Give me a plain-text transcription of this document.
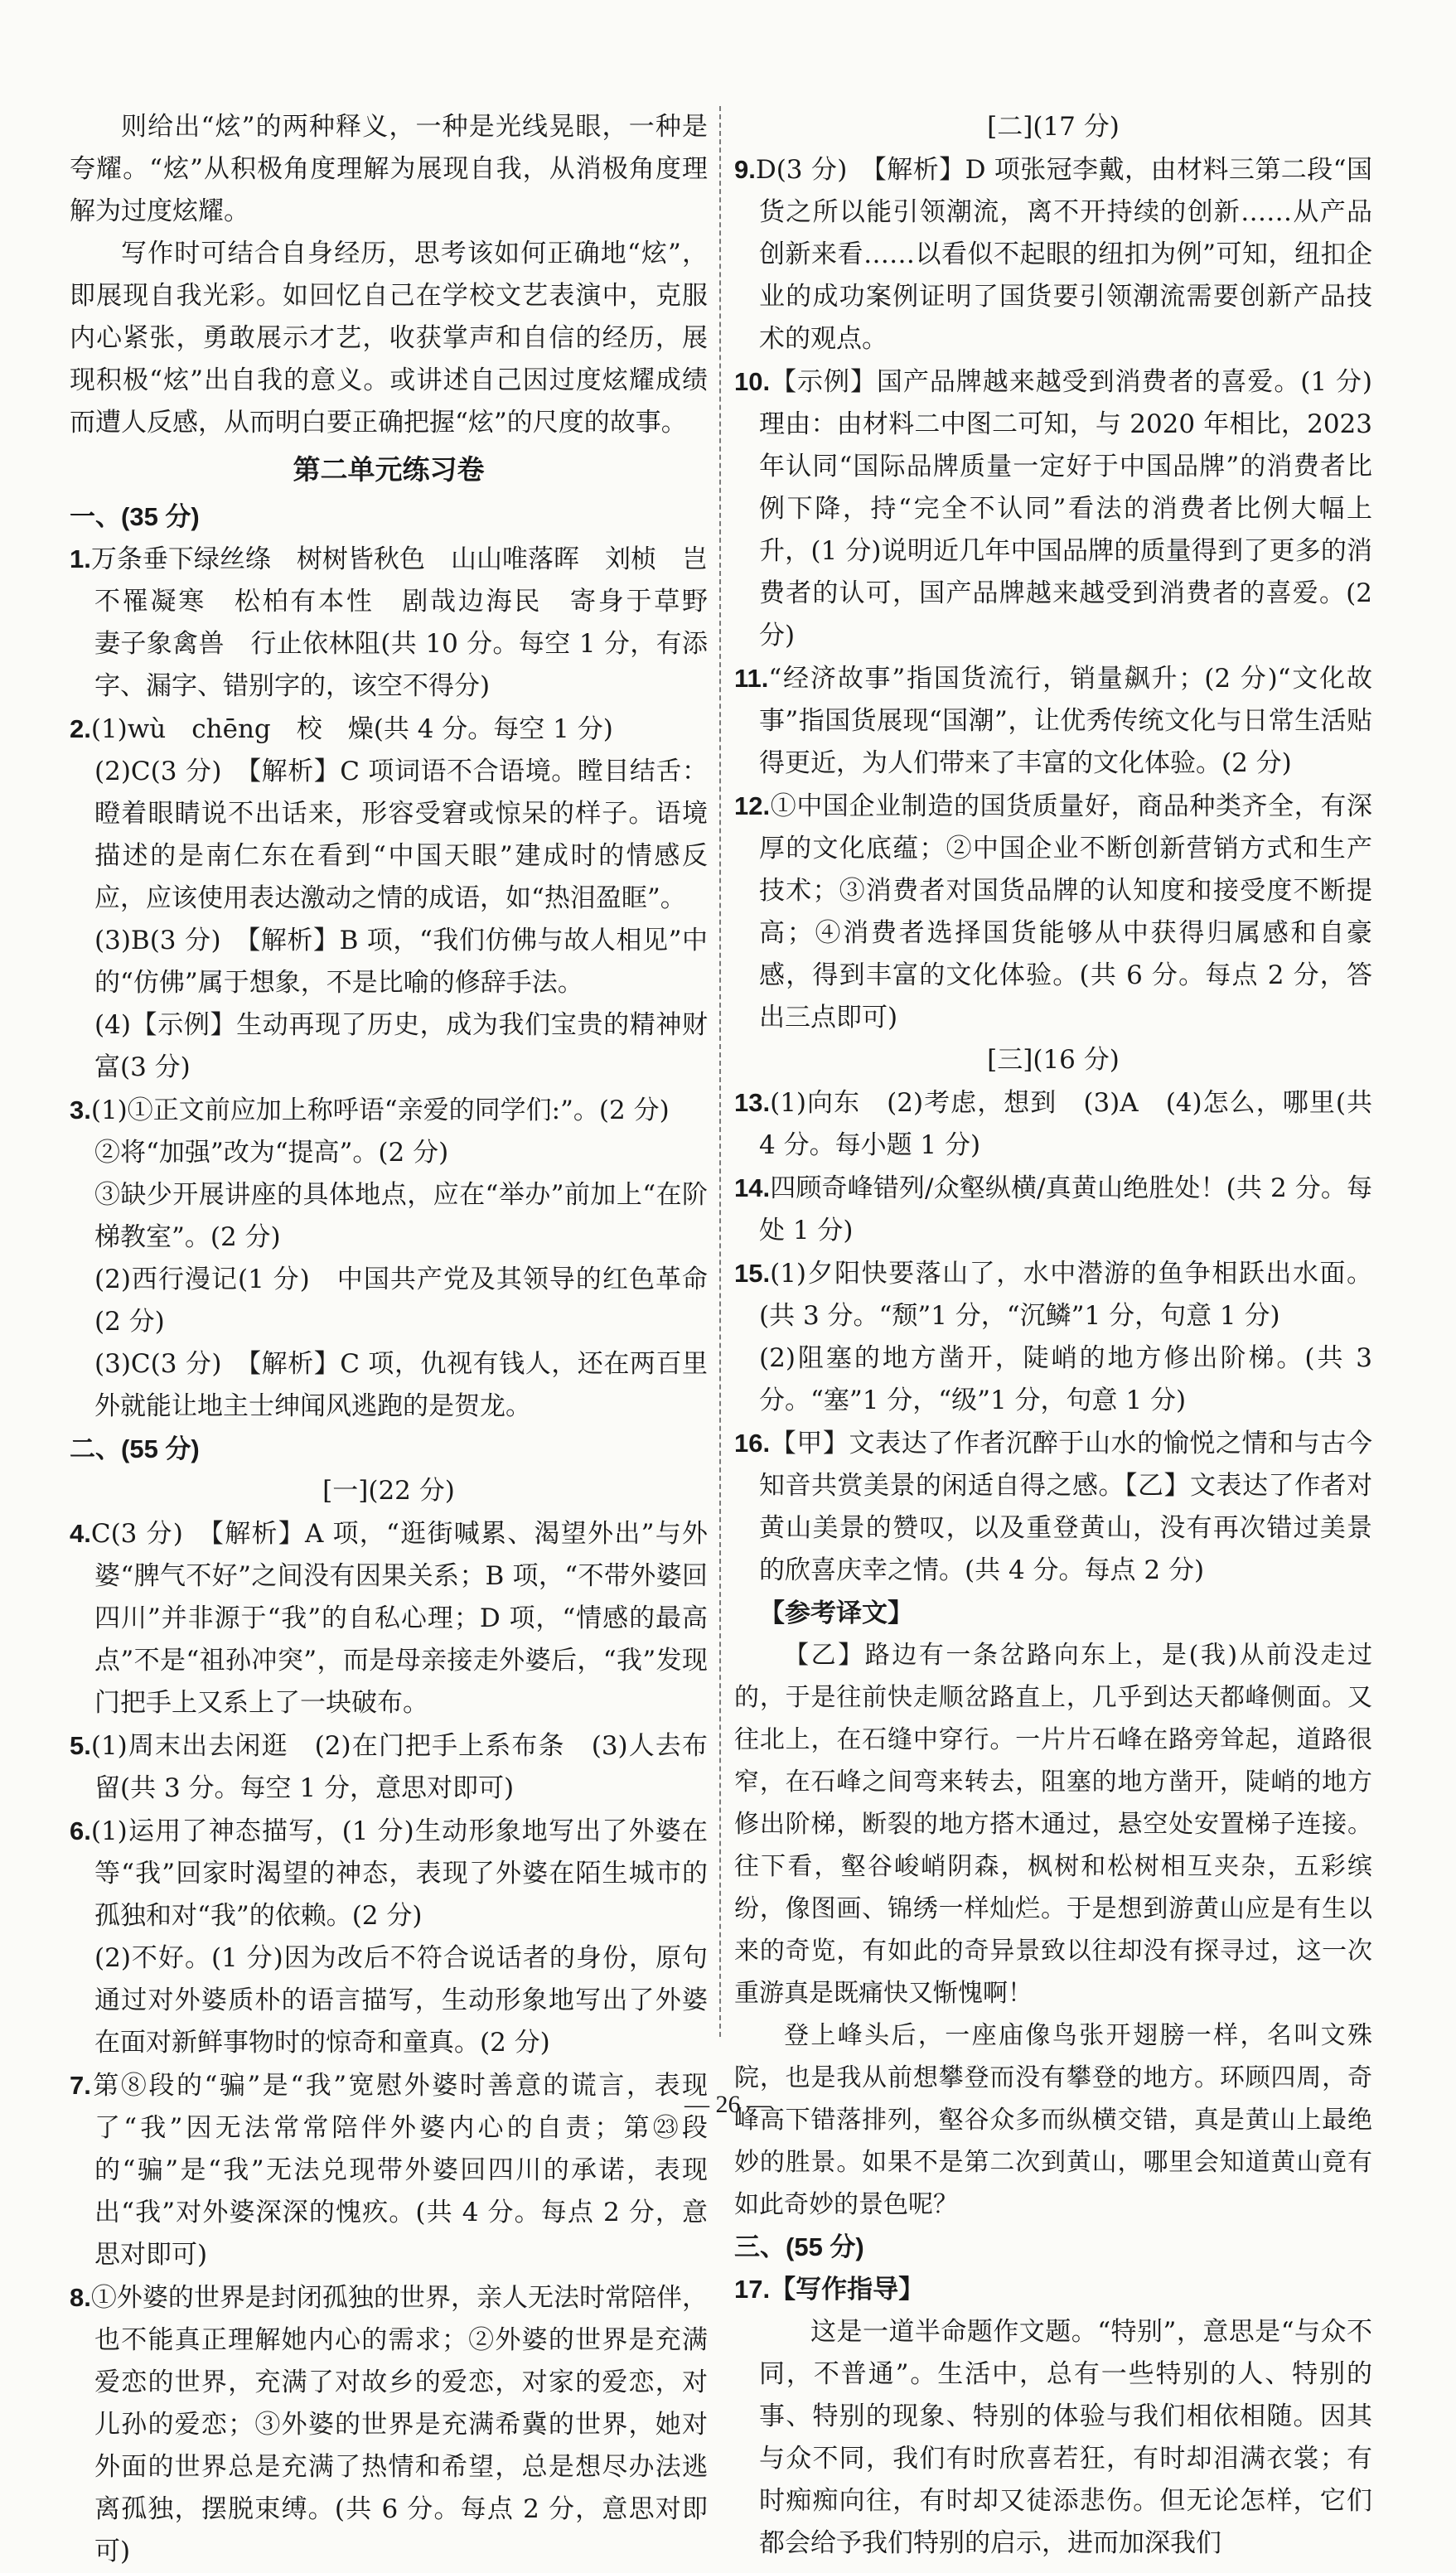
则给出“炫”的两种释义，一种是光线晃眼，一种是夸耀。“炫”从积极角度理解为展现自我，从消极角度理解为过度炫耀。

写作时可结合自身经历，思考该如何正确地“炫”，即展现自我光彩。如回忆自己在学校文艺表演中，克服内心紧张，勇敢展示才艺，收获掌声和自信的经历，展现积极“炫”出自我的意义。或讲述自己因过度炫耀成绩而遭人反感，从而明白要正确把握“炫”的尺度的故事。

第二单元练习卷

一、(35 分)

1.万条垂下绿丝绦　树树皆秋色　山山唯落晖　刘桢　岂不罹凝寒　松柏有本性　剧哉边海民　寄身于草野　妻子象禽兽　行止依林阻(共 10 分。每空 1 分，有添字、漏字、错别字的，该空不得分)

2.(1)wù　chēng　校　燥(共 4 分。每空 1 分)

(2)C(3 分)　【解析】C 项词语不合语境。瞠目结舌：瞪着眼睛说不出话来，形容受窘或惊呆的样子。语境描述的是南仁东在看到“中国天眼”建成时的情感反应，应该使用表达激动之情的成语，如“热泪盈眶”。

(3)B(3 分)　【解析】B 项，“我们仿佛与故人相见”中的“仿佛”属于想象，不是比喻的修辞手法。

(4)【示例】生动再现了历史，成为我们宝贵的精神财富(3 分)

3.(1)①正文前应加上称呼语“亲爱的同学们:”。(2 分)

②将“加强”改为“提高”。(2 分)

③缺少开展讲座的具体地点，应在“举办”前加上“在阶梯教室”。(2 分)

(2)西行漫记(1 分)　中国共产党及其领导的红色革命(2 分)

(3)C(3 分)　【解析】C 项，仇视有钱人，还在两百里外就能让地主士绅闻风逃跑的是贺龙。

二、(55 分)

[一](22 分)

4.C(3 分)　【解析】A 项，“逛街喊累、渴望外出”与外婆“脾气不好”之间没有因果关系；B 项，“不带外婆回四川”并非源于“我”的自私心理；D 项，“情感的最高点”不是“祖孙冲突”，而是母亲接走外婆后，“我”发现门把手上又系上了一块破布。

5.(1)周末出去闲逛　(2)在门把手上系布条　(3)人去布留(共 3 分。每空 1 分，意思对即可)

6.(1)运用了神态描写，(1 分)生动形象地写出了外婆在等“我”回家时渴望的神态，表现了外婆在陌生城市的孤独和对“我”的依赖。(2 分)

(2)不好。(1 分)因为改后不符合说话者的身份，原句通过对外婆质朴的语言描写，生动形象地写出了外婆在面对新鲜事物时的惊奇和童真。(2 分)

7.第⑧段的“骗”是“我”宽慰外婆时善意的谎言，表现了“我”因无法常常陪伴外婆内心的自责；第㉓段的“骗”是“我”无法兑现带外婆回四川的承诺，表现出“我”对外婆深深的愧疚。(共 4 分。每点 2 分，意思对即可)

8.①外婆的世界是封闭孤独的世界，亲人无法时常陪伴，也不能真正理解她内心的需求；②外婆的世界是充满爱恋的世界，充满了对故乡的爱恋，对家的爱恋，对儿孙的爱恋；③外婆的世界是充满希冀的世界，她对外面的世界总是充满了热情和希望，总是想尽办法逃离孤独，摆脱束缚。(共 6 分。每点 2 分，意思对即可)

[二](17 分)

9.D(3 分)　【解析】D 项张冠李戴，由材料三第二段“国货之所以能引领潮流，离不开持续的创新……从产品创新来看……以看似不起眼的纽扣为例”可知，纽扣企业的成功案例证明了国货要引领潮流需要创新产品技术的观点。

10.【示例】国产品牌越来越受到消费者的喜爱。(1 分)理由：由材料二中图二可知，与 2020 年相比，2023 年认同“国际品牌质量一定好于中国品牌”的消费者比例下降，持“完全不认同”看法的消费者比例大幅上升，(1 分)说明近几年中国品牌的质量得到了更多的消费者的认可，国产品牌越来越受到消费者的喜爱。(2 分)

11.“经济故事”指国货流行，销量飙升；(2 分)“文化故事”指国货展现“国潮”，让优秀传统文化与日常生活贴得更近，为人们带来了丰富的文化体验。(2 分)

12.①中国企业制造的国货质量好，商品种类齐全，有深厚的文化底蕴；②中国企业不断创新营销方式和生产技术；③消费者对国货品牌的认知度和接受度不断提高；④消费者选择国货能够从中获得归属感和自豪感，得到丰富的文化体验。(共 6 分。每点 2 分，答出三点即可)

[三](16 分)

13.(1)向东　(2)考虑，想到　(3)A　(4)怎么，哪里(共 4 分。每小题 1 分)

14.四顾奇峰错列/众壑纵横/真黄山绝胜处！(共 2 分。每处 1 分)

15.(1)夕阳快要落山了，水中潜游的鱼争相跃出水面。(共 3 分。“颓”1 分，“沉鳞”1 分，句意 1 分)

(2)阻塞的地方凿开，陡峭的地方修出阶梯。(共 3 分。“塞”1 分，“级”1 分，句意 1 分)

16.【甲】文表达了作者沉醉于山水的愉悦之情和与古今知音共赏美景的闲适自得之感。【乙】文表达了作者对黄山美景的赞叹，以及重登黄山，没有再次错过美景的欣喜庆幸之情。(共 4 分。每点 2 分)

【参考译文】

【乙】路边有一条岔路向东上，是(我)从前没走过的，于是往前快走顺岔路直上，几乎到达天都峰侧面。又往北上，在石缝中穿行。一片片石峰在路旁耸起，道路很窄，在石峰之间弯来转去，阻塞的地方凿开，陡峭的地方修出阶梯，断裂的地方搭木通过，悬空处安置梯子连接。往下看，壑谷峻峭阴森，枫树和松树相互夹杂，五彩缤纷，像图画、锦绣一样灿烂。于是想到游黄山应是有生以来的奇览，有如此的奇异景致以往却没有探寻过，这一次重游真是既痛快又惭愧啊！

登上峰头后，一座庙像鸟张开翅膀一样，名叫文殊院，也是我从前想攀登而没有攀登的地方。环顾四周，奇峰高下错落排列，壑谷众多而纵横交错，真是黄山上最绝妙的胜景。如果不是第二次到黄山，哪里会知道黄山竟有如此奇妙的景色呢？

三、(55 分)

17.【写作指导】

这是一道半命题作文题。“特别”，意思是“与众不同，不普通”。生活中，总有一些特别的人、特别的事、特别的现象、特别的体验与我们相依相随。因其与众不同，我们有时欣喜若狂，有时却泪满衣裳；有时痴痴向往，有时却又徒添悲伤。但无论怎样，它们都会给予我们特别的启示，进而加深我们

— 26 —
